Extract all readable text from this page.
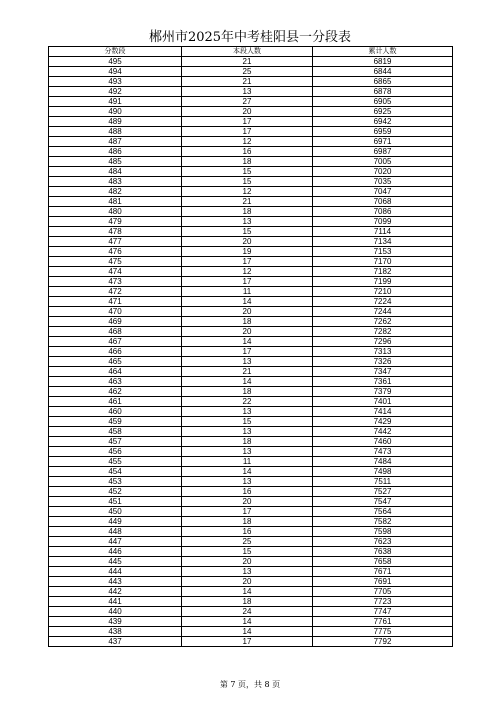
郴州市2025年中考桂阳县一分段表
分数段	本段人数	累计人数
495	21	6819
494	25	6844
493	21	6865
492	13	6878
491	27	6905
490	20	6925
489	17	6942
488	17	6959
487	12	6971
486	16	6987
485	18	7005
484	15	7020
483	15	7035
482	12	7047
481	21	7068
480	18	7086
479	13	7099
478	15	7114
477	20	7134
476	19	7153
475	17	7170
474	12	7182
473	17	7199
472	11	7210
471	14	7224
470	20	7244
469	18	7262
468	20	7282
467	14	7296
466	17	7313
465	13	7326
464	21	7347
463	14	7361
462	18	7379
461	22	7401
460	13	7414
459	15	7429
458	13	7442
457	18	7460
456	13	7473
455	11	7484
454	14	7498
453	13	7511
452	16	7527
451	20	7547
450	17	7564
449	18	7582
448	16	7598
447	25	7623
446	15	7638
445	20	7658
444	13	7671
443	20	7691
442	14	7705
441	18	7723
440	24	7747
439	14	7761
438	14	7775
437	17	7792
第 7 页，共 8 页
